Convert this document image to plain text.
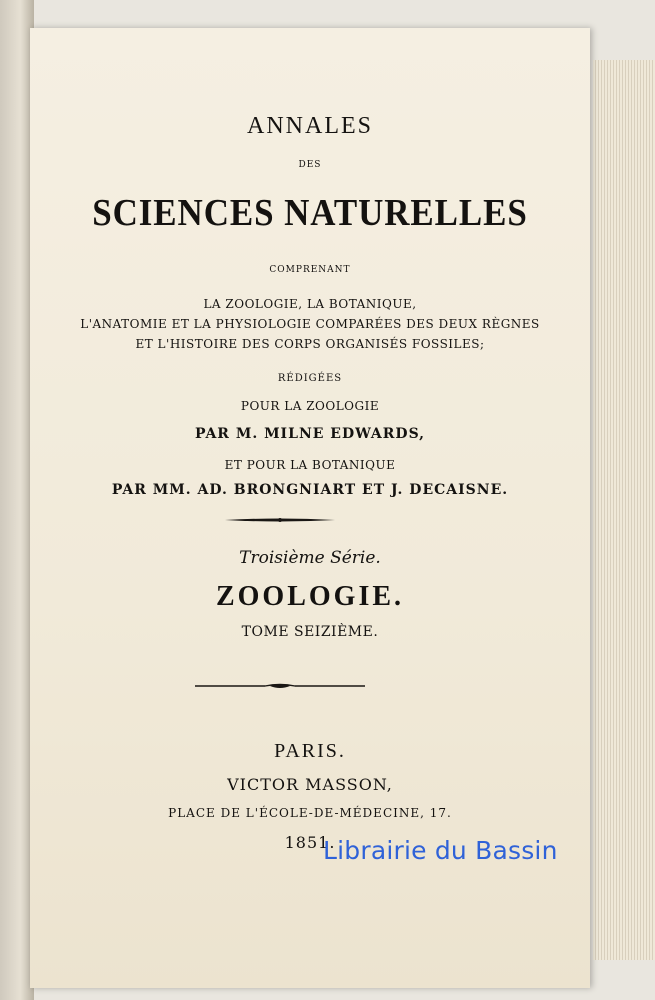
ANNALES
DES
SCIENCES NATURELLES
COMPRENANT
LA ZOOLOGIE, LA BOTANIQUE,
L'ANATOMIE ET LA PHYSIOLOGIE COMPARÉES DES DEUX RÈGNES
ET L'HISTOIRE DES CORPS ORGANISÉS FOSSILES;
RÉDIGÉES
POUR LA ZOOLOGIE
PAR M. MILNE EDWARDS,
ET POUR LA BOTANIQUE
PAR MM. AD. BRONGNIART ET J. DECAISNE.
Troisième Série.
ZOOLOGIE.
TOME SEIZIÈME.
PARIS.
VICTOR MASSON,
PLACE DE L'ÉCOLE-DE-MÉDECINE, 17.
1851.
Librairie du Bassin
